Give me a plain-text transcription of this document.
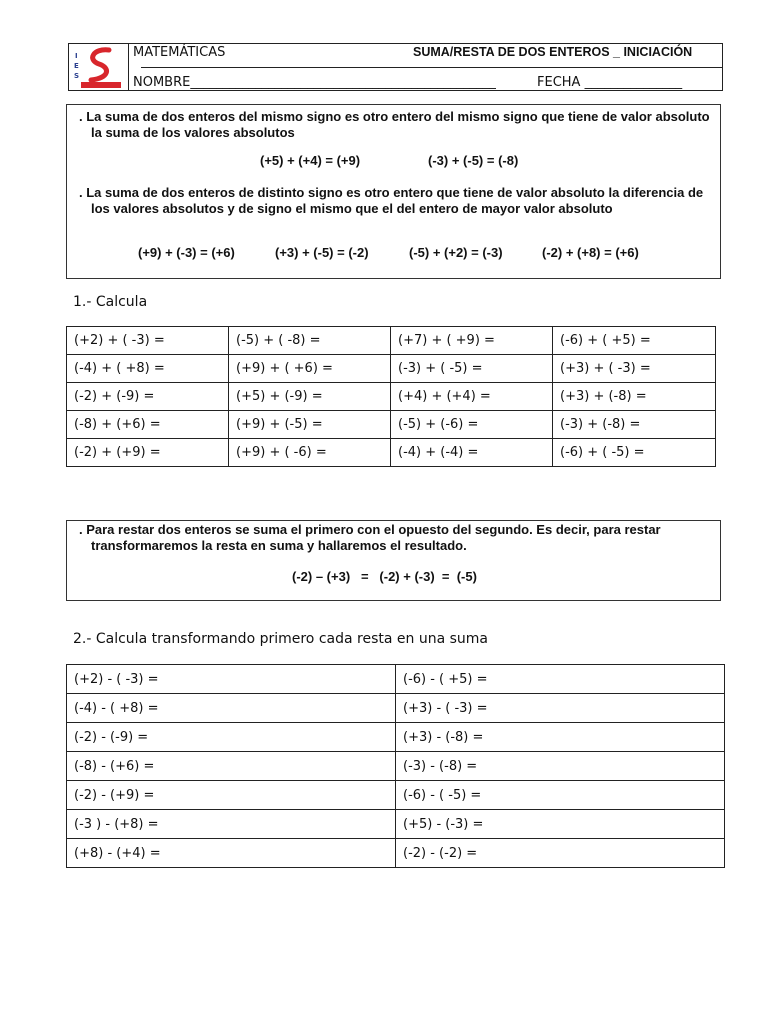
I
E
S
MATEMÁTICAS	SUMA/RESTA DE DOS ENTEROS _ INICIACIÓN
NOMBRE_______________________________________________	FECHA _______________
. La suma de dos enteros del mismo signo es otro entero del mismo signo que tiene de valor absoluto la suma de los valores absolutos
(+5) + (+4) = (+9)	(-3) + (-5) = (-8)
. La suma de dos enteros de distinto signo es otro entero que tiene de valor absoluto la diferencia de los valores absolutos y de signo el mismo que el del entero de mayor valor absoluto
(+9) + (-3) = (+6)	(+3) + (-5) = (-2)	(-5) + (+2) = (-3)	(-2) + (+8) = (+6)
1.- Calcula
(+2) + ( -3) =	(-5) + ( -8) =	(+7) + ( +9) =	(-6) + ( +5) =
(-4) + ( +8) =	(+9) + ( +6) =	(-3) + ( -5) =	(+3) + ( -3) =
(-2) + (-9) =	(+5) + (-9) =	(+4) + (+4) =	(+3) + (-8) =
(-8) + (+6) =	(+9) + (-5) =	(-5) + (-6) =	(-3) + (-8) =
(-2) + (+9) =	(+9) + ( -6) =	(-4) + (-4) =	(-6) + ( -5) =
. Para restar dos enteros se suma el primero con el opuesto del segundo. Es decir, para restar transformaremos la resta en suma y hallaremos el resultado.
(-2) – (+3)   =   (-2) + (-3)  =  (-5)
2.- Calcula transformando primero cada resta en una suma
(+2) - ( -3) =	(-6) - ( +5) =
(-4) - ( +8) =	(+3) - ( -3) =
(-2) - (-9) =	(+3) - (-8) =
(-8) - (+6) =	(-3) - (-8) =
(-2) - (+9) =	(-6) - ( -5) =
(-3 ) - (+8) =	(+5) - (-3) =
(+8) - (+4) =	(-2) - (-2) =
